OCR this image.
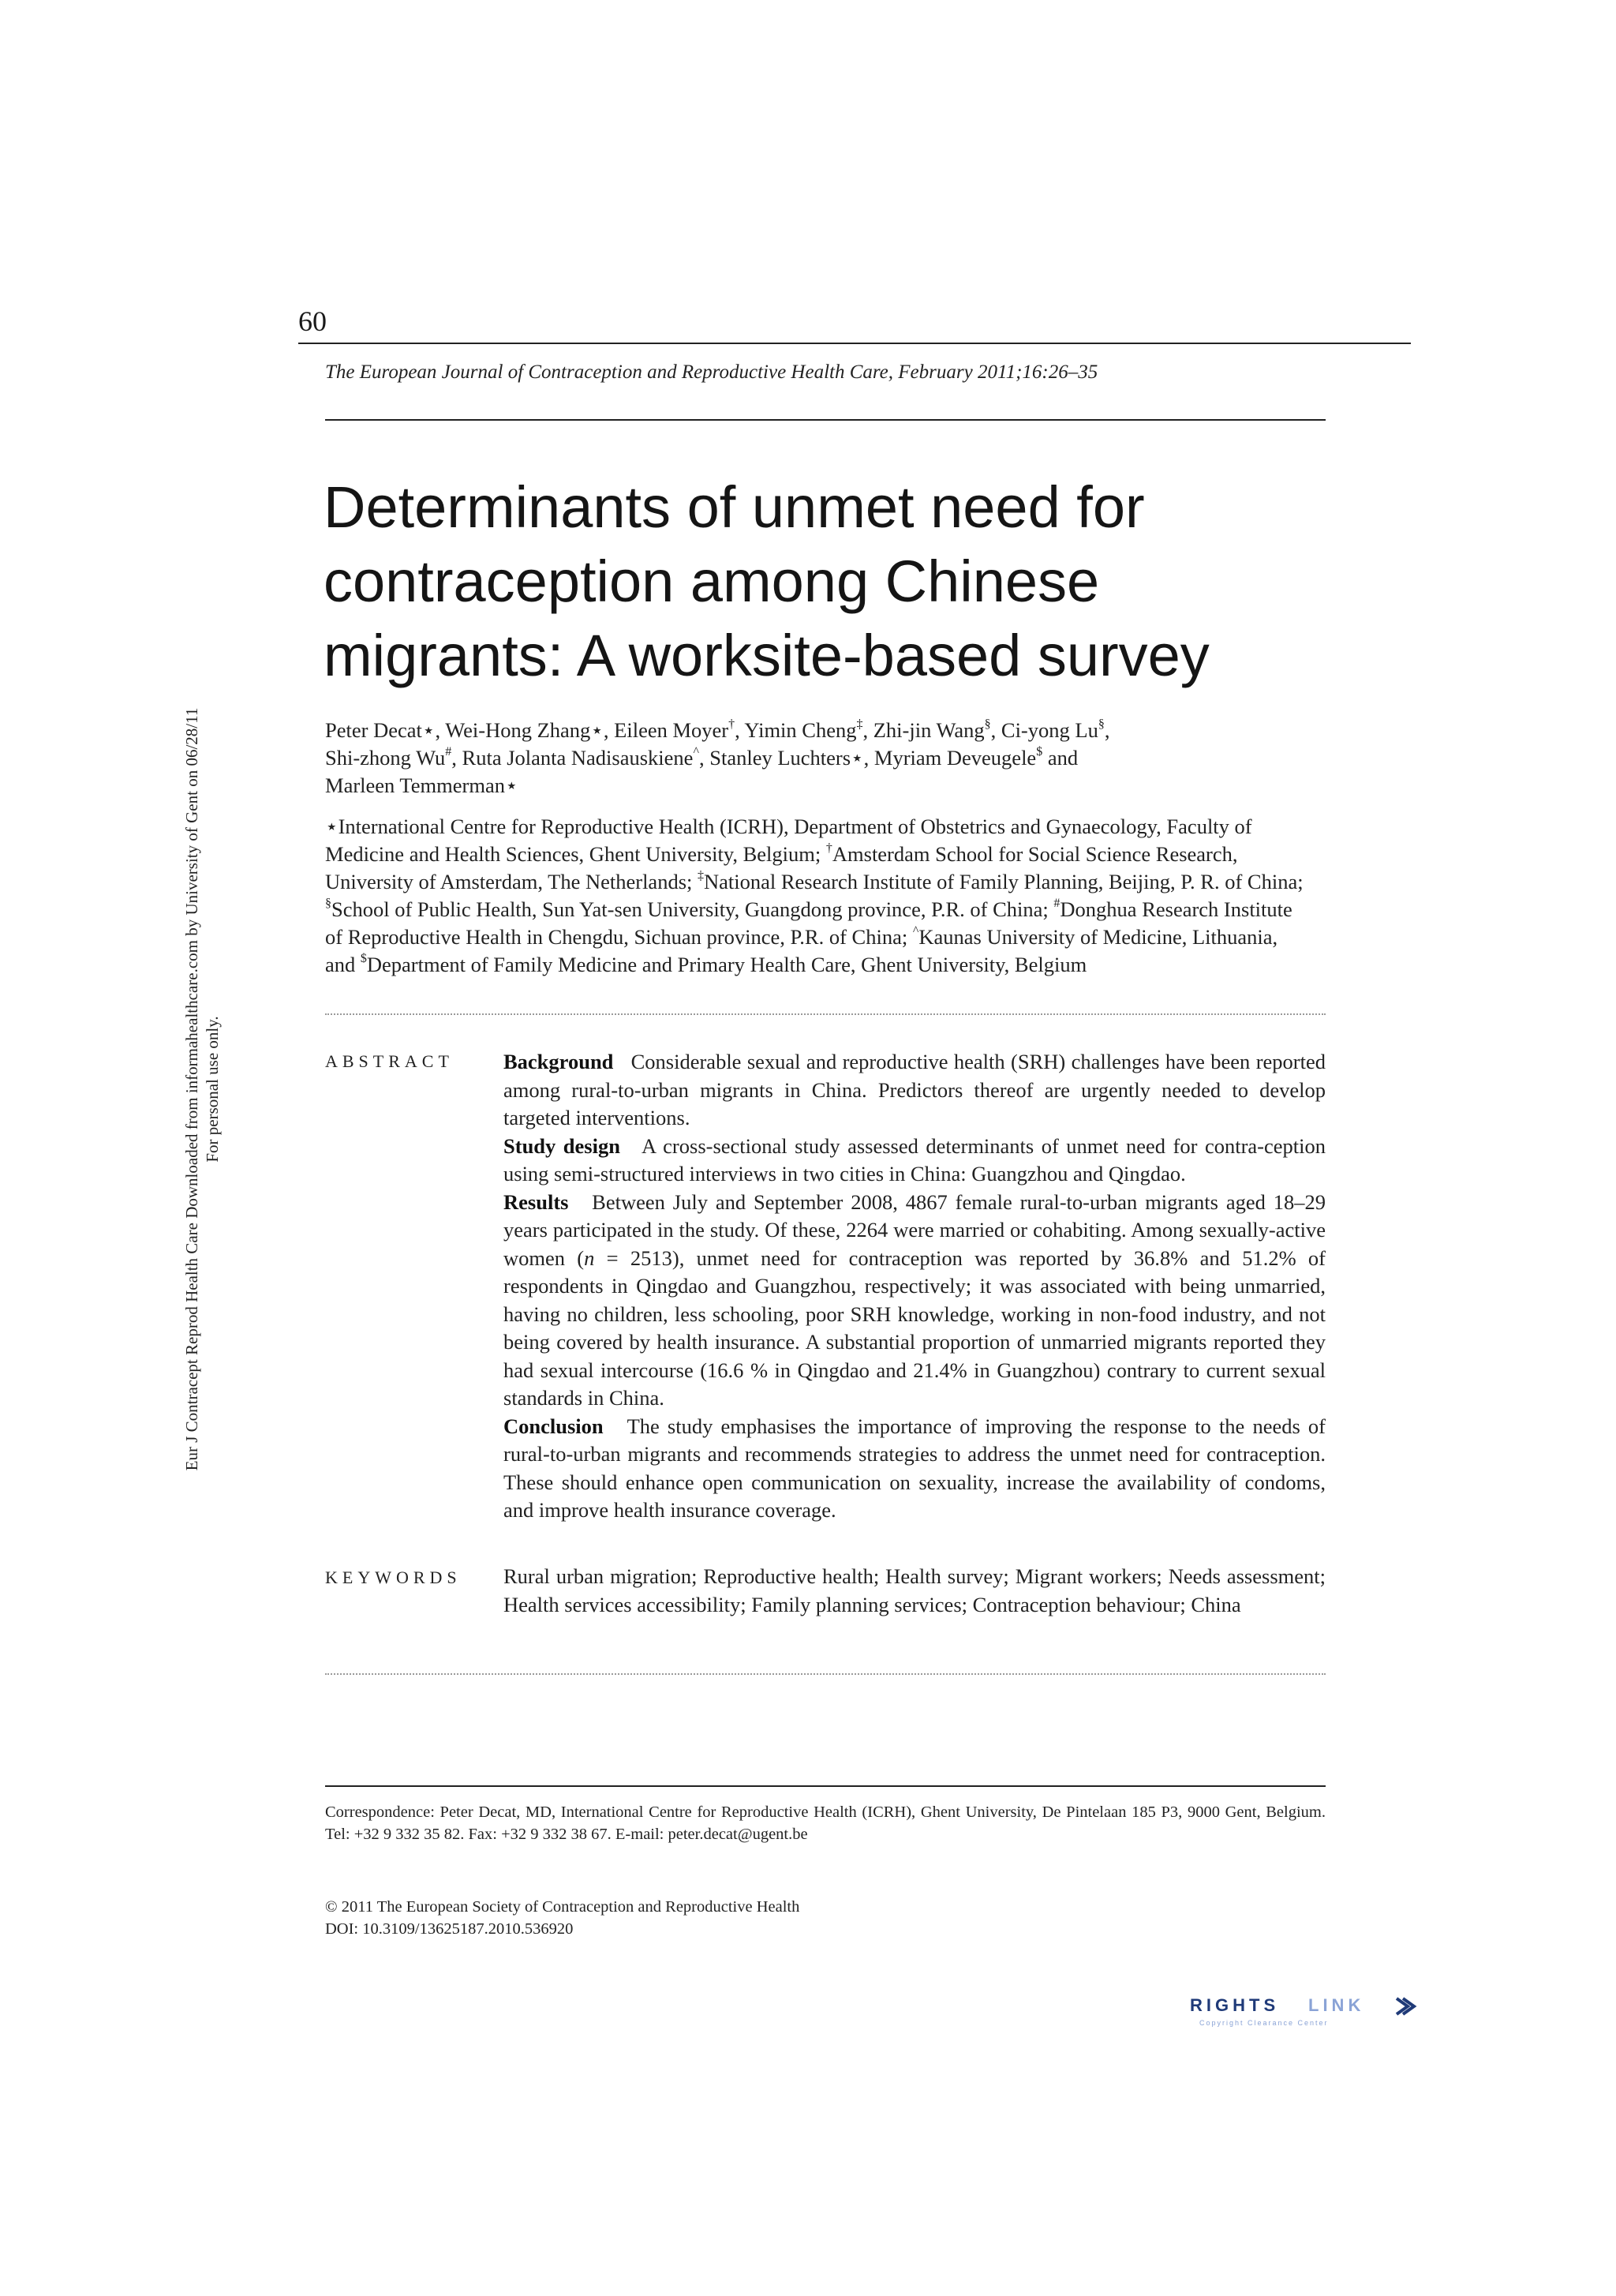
Eur J Contracept Reprod Health Care Downloaded from informahealthcare.com by University of Gent on 06/28/11 For personal use only.
60
The European Journal of Contraception and Reproductive Health Care, February 2011;16:26–35
Determinants of unmet need for
contraception among Chinese
migrants: A worksite-based survey
Peter Decat⋆, Wei-Hong Zhang⋆, Eileen Moyer†, Yimin Cheng‡, Zhi-jin Wang§, Ci-yong Lu§,
Shi-zhong Wu#, Ruta Jolanta Nadisauskiene^, Stanley Luchters⋆, Myriam Deveugele$ and
Marleen Temmerman⋆
⋆International Centre for Reproductive Health (ICRH), Department of Obstetrics and Gynaecology, Faculty of
Medicine and Health Sciences, Ghent University, Belgium; †Amsterdam School for Social Science Research,
University of Amsterdam, The Netherlands; ‡National Research Institute of Family Planning, Beijing, P. R. of China;
§School of Public Health, Sun Yat-sen University, Guangdong province, P.R. of China; #Donghua Research Institute
of Reproductive Health in Chengdu, Sichuan province, P.R. of China; ^Kaunas University of Medicine, Lithuania,
and $Department of Family Medicine and Primary Health Care, Ghent University, Belgium
ABSTRACT Background Considerable sexual and reproductive health (SRH) challenges have been reported among rural-to-urban migrants in China. Predictors thereof are urgently needed to develop targeted interventions.

Study design A cross-sectional study assessed determinants of unmet need for contra-ception using semi-structured interviews in two cities in China: Guangzhou and Qingdao.

Results Between July and September 2008, 4867 female rural-to-urban migrants aged 18–29 years participated in the study. Of these, 2264 were married or cohabiting. Among sexually-active women (n = 2513), unmet need for contraception was reported by 36.8% and 51.2% of respondents in Qingdao and Guangzhou, respectively; it was associated with being unmarried, having no children, less schooling, poor SRH knowledge, working in non-food industry, and not being covered by health insurance. A substantial proportion of unmarried migrants reported they had sexual intercourse (16.6 % in Qingdao and 21.4% in Guangzhou) contrary to current sexual standards in China.

Conclusion The study emphasises the importance of improving the response to the needs of rural-to-urban migrants and recommends strategies to address the unmet need for contraception. These should enhance open communication on sexuality, increase the availability of condoms, and improve health insurance coverage.

KEYWORDS Rural urban migration; Reproductive health; Health survey; Migrant workers; Needs assessment; Health services accessibility; Family planning services; Contraception behaviour; China
Correspondence: Peter Decat, MD, International Centre for Reproductive Health (ICRH), Ghent University, De Pintelaan 185 P3, 9000 Gent, Belgium. Tel: +32 9 332 35 82. Fax: +32 9 332 38 67. E-mail: peter.decat@ugent.be
© 2011 The European Society of Contraception and Reproductive Health
DOI: 10.3109/13625187.2010.536920
RIGHTS LINK
Copyright Clearance Center
